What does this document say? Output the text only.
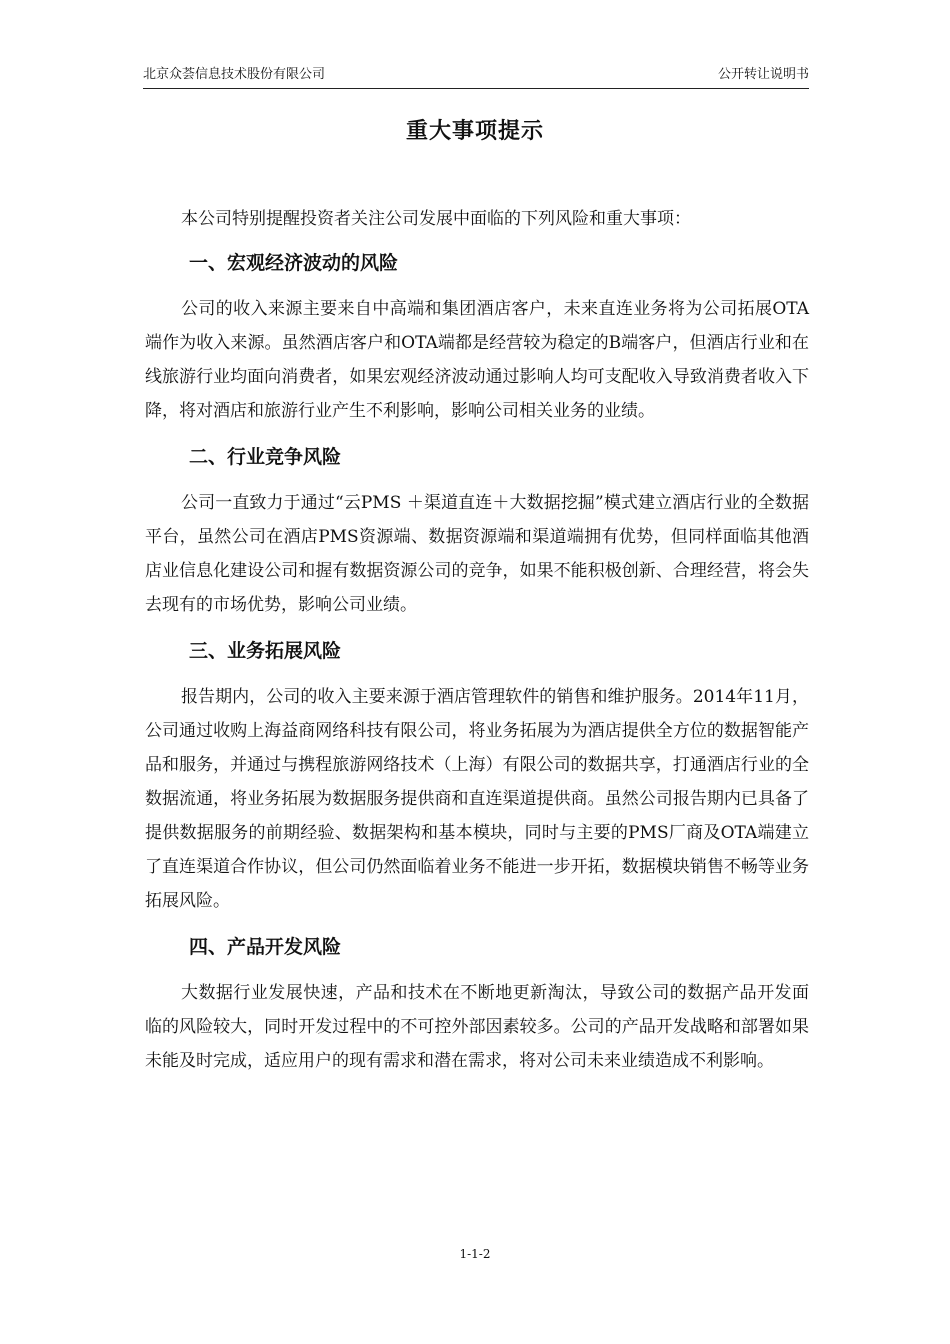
北京众荟信息技术股份有限公司	公开转让说明书
重大事项提示

本公司特别提醒投资者关注公司发展中面临的下列风险和重大事项：

一、宏观经济波动的风险

公司的收入来源主要来自中高端和集团酒店客户，未来直连业务将为公司拓展OTA端作为收入来源。虽然酒店客户和OTA端都是经营较为稳定的B端客户，但酒店行业和在线旅游行业均面向消费者，如果宏观经济波动通过影响人均可支配收入导致消费者收入下降，将对酒店和旅游行业产生不利影响，影响公司相关业务的业绩。

二、行业竞争风险

公司一直致力于通过“云PMS ＋渠道直连＋大数据挖掘”模式建立酒店行业的全数据平台，虽然公司在酒店PMS资源端、数据资源端和渠道端拥有优势，但同样面临其他酒店业信息化建设公司和握有数据资源公司的竞争，如果不能积极创新、合理经营，将会失去现有的市场优势，影响公司业绩。

三、业务拓展风险

报告期内，公司的收入主要来源于酒店管理软件的销售和维护服务。2014年11月，公司通过收购上海益商网络科技有限公司，将业务拓展为为酒店提供全方位的数据智能产品和服务，并通过与携程旅游网络技术（上海）有限公司的数据共享，打通酒店行业的全数据流通，将业务拓展为数据服务提供商和直连渠道提供商。虽然公司报告期内已具备了提供数据服务的前期经验、数据架构和基本模块，同时与主要的PMS厂商及OTA端建立了直连渠道合作协议，但公司仍然面临着业务不能进一步开拓，数据模块销售不畅等业务拓展风险。

四、产品开发风险

大数据行业发展快速，产品和技术在不断地更新淘汰，导致公司的数据产品开发面临的风险较大，同时开发过程中的不可控外部因素较多。公司的产品开发战略和部署如果未能及时完成，适应用户的现有需求和潜在需求，将对公司未来业绩造成不利影响。

1-1-2
